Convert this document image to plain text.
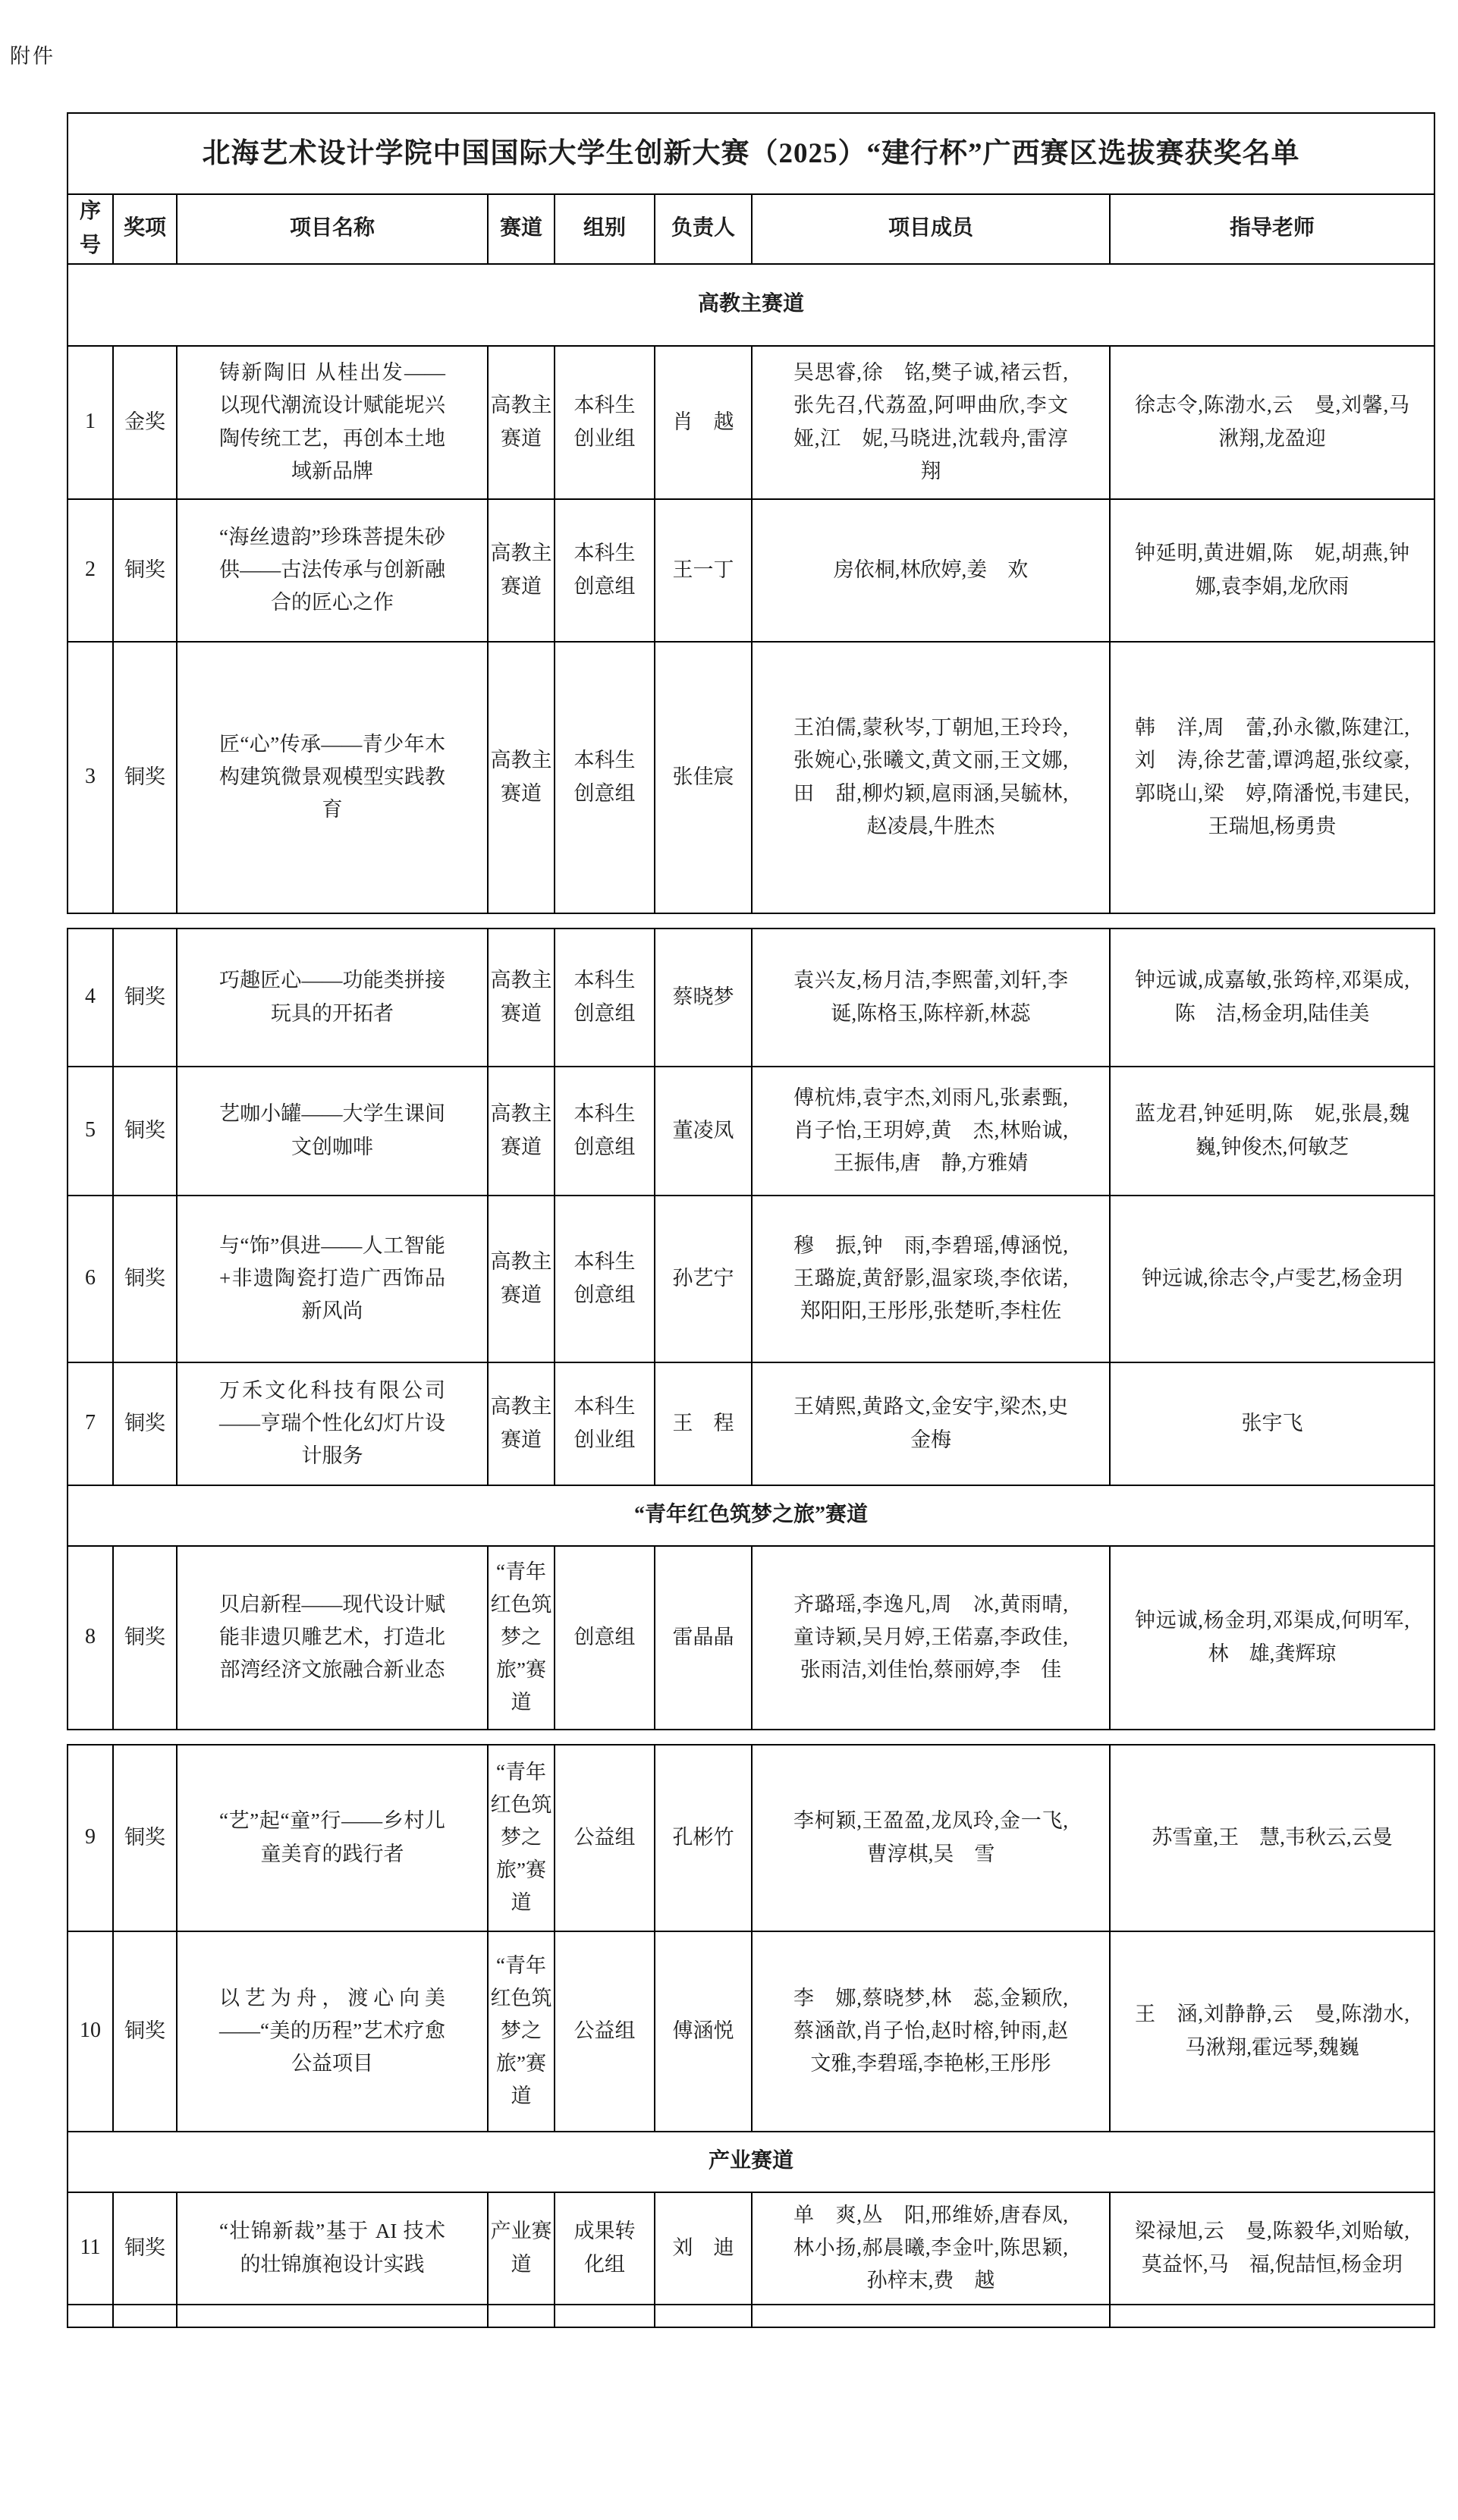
附件
北海艺术设计学院中国国际大学生创新大赛（2025）“建行杯”广西赛区选拔赛获奖名单							
序号	奖项	项目名称	赛道	组别	负责人	项目成员	指导老师
高教主赛道							
1	金奖	铸新陶旧 从桂出发——以现代潮流设计赋能坭兴陶传统工艺，再创本土地域新品牌	高教主赛道	本科生创业组	肖　越	吴思睿,徐　铭,樊子诚,褚云哲,张先召,代荔盈,阿呷曲欣,李文娅,江　妮,马晓进,沈载舟,雷淳翔	徐志令,陈渤水,云　曼,刘馨,马湫翔,龙盈迎
2	铜奖	“海丝遗韵”珍珠菩提朱砂供——古法传承与创新融合的匠心之作	高教主赛道	本科生创意组	王一丁	房依桐,林欣婷,姜　欢	钟延明,黄进媚,陈　妮,胡燕,钟　娜,袁李娟,龙欣雨
3	铜奖	匠“心”传承——青少年木构建筑微景观模型实践教育	高教主赛道	本科生创意组	张佳宸	王泊儒,蒙秋岑,丁朝旭,王玲玲,张婉心,张曦文,黄文丽,王文娜,田　甜,柳灼颖,扈雨涵,吴毓林,赵凌晨,牛胜杰	韩　洋,周　蕾,孙永徽,陈建江,刘　涛,徐艺蕾,谭鸿超,张纹豪,郭晓山,梁　婷,隋潘悦,韦建民,王瑞旭,杨勇贵
4	铜奖	巧趣匠心——功能类拼接玩具的开拓者	高教主赛道	本科生创意组	蔡晓梦	袁兴友,杨月洁,李熙蕾,刘轩,李　诞,陈格玉,陈梓新,林蕊	钟远诚,成嘉敏,张筠梓,邓渠成,陈　洁,杨金玥,陆佳美
5	铜奖	艺咖小罐——大学生课间文创咖啡	高教主赛道	本科生创意组	董凌凤	傅杭炜,袁宇杰,刘雨凡,张素甄,肖子怡,王玥婷,黄　杰,林贻诚,王振伟,唐　静,方雅婧	蓝龙君,钟延明,陈　妮,张晨,魏　巍,钟俊杰,何敏芝
6	铜奖	与“饰”俱进——人工智能+非遗陶瓷打造广西饰品新风尚	高教主赛道	本科生创意组	孙艺宁	穆　振,钟　雨,李碧瑶,傅涵悦,王璐旋,黄舒影,温家琰,李依诺,郑阳阳,王彤彤,张楚昕,李柱佐	钟远诚,徐志令,卢雯艺,杨金玥
7	铜奖	万禾文化科技有限公司——亨瑞个性化幻灯片设计服务	高教主赛道	本科生创业组	王　程	王婧熙,黄路文,金安宇,梁杰,史金梅	张宇飞
“青年红色筑梦之旅”赛道							
8	铜奖	贝启新程——现代设计赋能非遗贝雕艺术，打造北部湾经济文旅融合新业态	“青年红色筑梦之旅”赛道	创意组	雷晶晶	齐璐瑶,李逸凡,周　冰,黄雨晴,童诗颖,吴月婷,王偌嘉,李政佳,张雨洁,刘佳怡,蔡丽婷,李　佳	钟远诚,杨金玥,邓渠成,何明军,林　雄,龚辉琼
9	铜奖	“艺”起“童”行——乡村儿童美育的践行者	“青年红色筑梦之旅”赛道	公益组	孔彬竹	李柯颖,王盈盈,龙凤玲,金一飞,曹淳棋,吴　雪	苏雪童,王　慧,韦秋云,云曼
10	铜奖	以艺为舟，渡心向美——“美的历程”艺术疗愈公益项目	“青年红色筑梦之旅”赛道	公益组	傅涵悦	李　娜,蔡晓梦,林　蕊,金颖欣,蔡涵歆,肖子怡,赵时榕,钟雨,赵文雅,李碧瑶,李艳彬,王彤彤	王　涵,刘静静,云　曼,陈渤水,马湫翔,霍远琴,魏巍
产业赛道							
11	铜奖	“壮锦新裁”基于 AI 技术的壮锦旗袍设计实践	产业赛道	成果转化组	刘　迪	单　爽,丛　阳,邢维娇,唐春凤,林小扬,郝晨曦,李金叶,陈思颖,孙梓末,费　越	梁禄旭,云　曼,陈毅华,刘贻敏,莫益怀,马　福,倪喆恒,杨金玥
